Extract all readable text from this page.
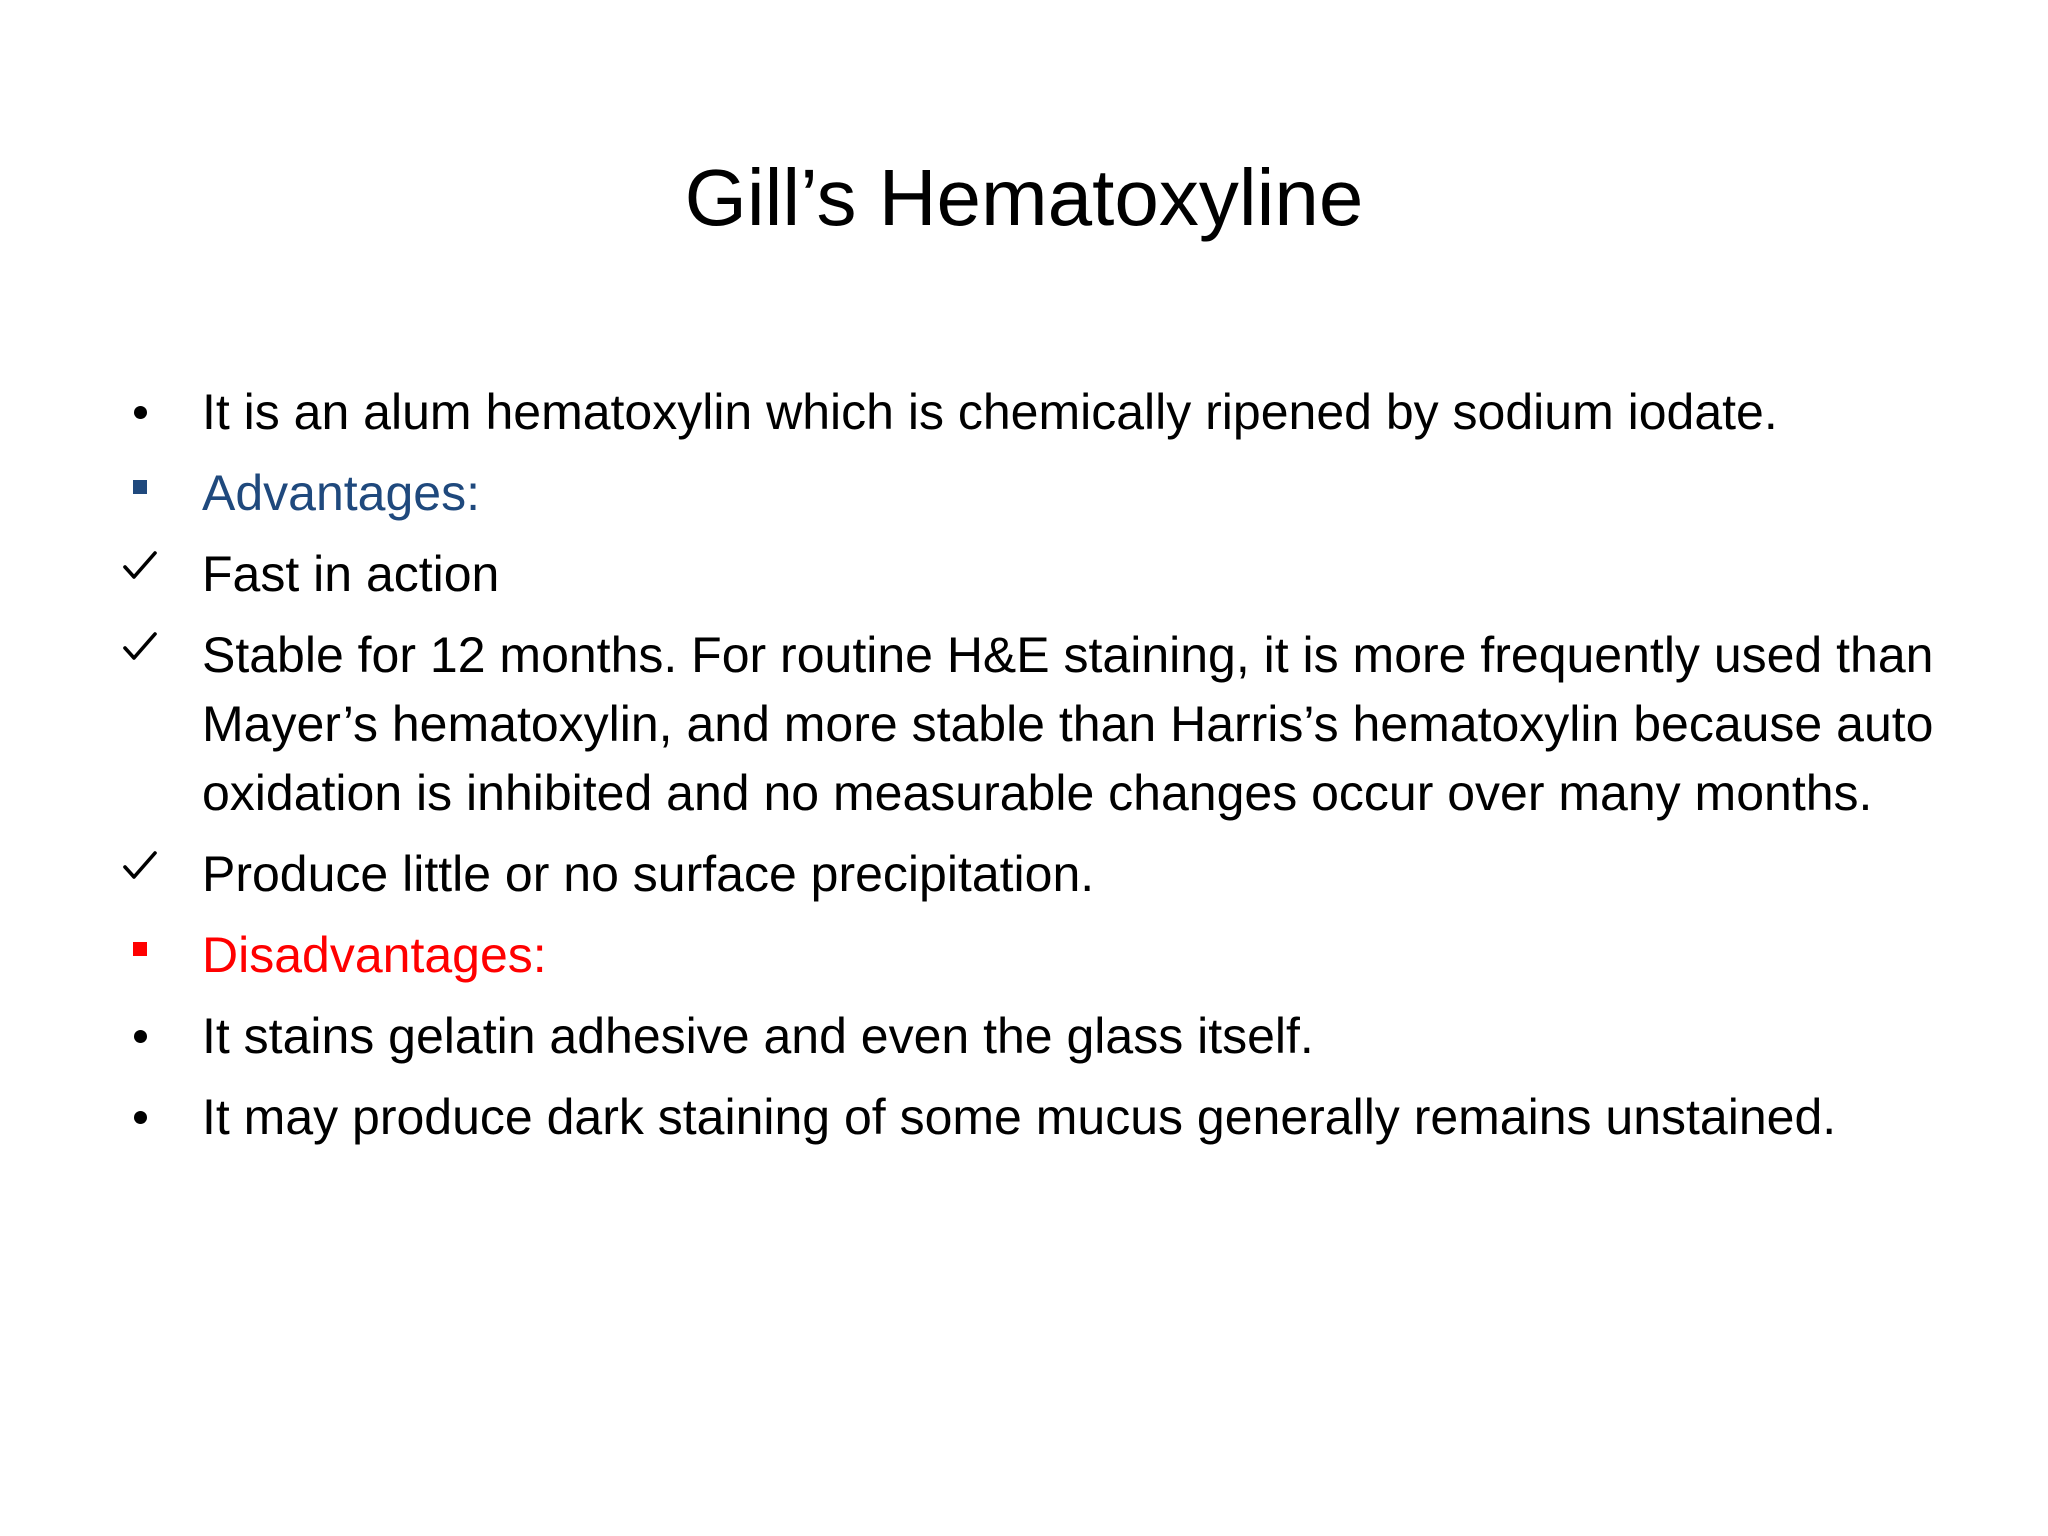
Gill’s Hematoxyline
It is an alum hematoxylin which is chemically ripened by sodium iodate.
Advantages:
Fast in action
Stable for 12 months. For routine H&E staining, it is more frequently used than Mayer’s hematoxylin, and more stable than Harris’s hematoxylin because auto oxidation is inhibited and no measurable changes occur over many months.
Produce little or no surface precipitation.
Disadvantages:
It stains gelatin adhesive and even the glass itself.
It may produce dark staining of some mucus generally remains unstained.
